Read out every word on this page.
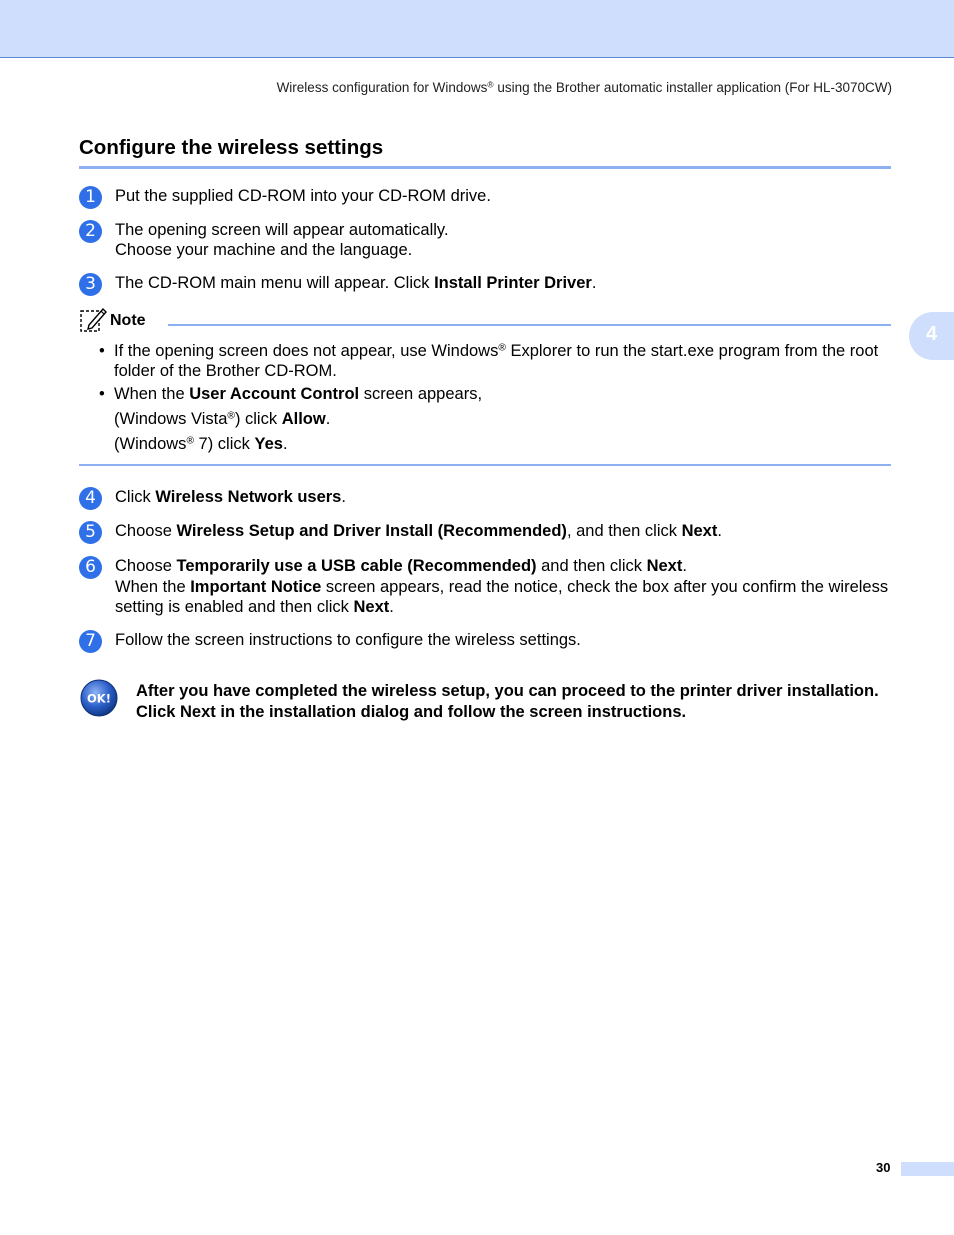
Wireless configuration for Windows® using the Brother automatic installer application (For HL-3070CW)
Configure the wireless settings
1	Put the supplied CD-ROM into your CD-ROM drive.
2	The opening screen will appear automatically.
Choose your machine and the language.
3	The CD-ROM main menu will appear. Click Install Printer Driver.
Note
• If the opening screen does not appear, use Windows® Explorer to run the start.exe program from the root folder of the Brother CD-ROM.
• When the User Account Control screen appears,
(Windows Vista®) click Allow.
(Windows® 7) click Yes.
4	Click Wireless Network users.
5	Choose Wireless Setup and Driver Install (Recommended), and then click Next.
6	Choose Temporarily use a USB cable (Recommended) and then click Next.
When the Important Notice screen appears, read the notice, check the box after you confirm the wireless setting is enabled and then click Next.
7	Follow the screen instructions to configure the wireless settings.
OK! After you have completed the wireless setup, you can proceed to the printer driver installation.
Click Next in the installation dialog and follow the screen instructions.
4
30
